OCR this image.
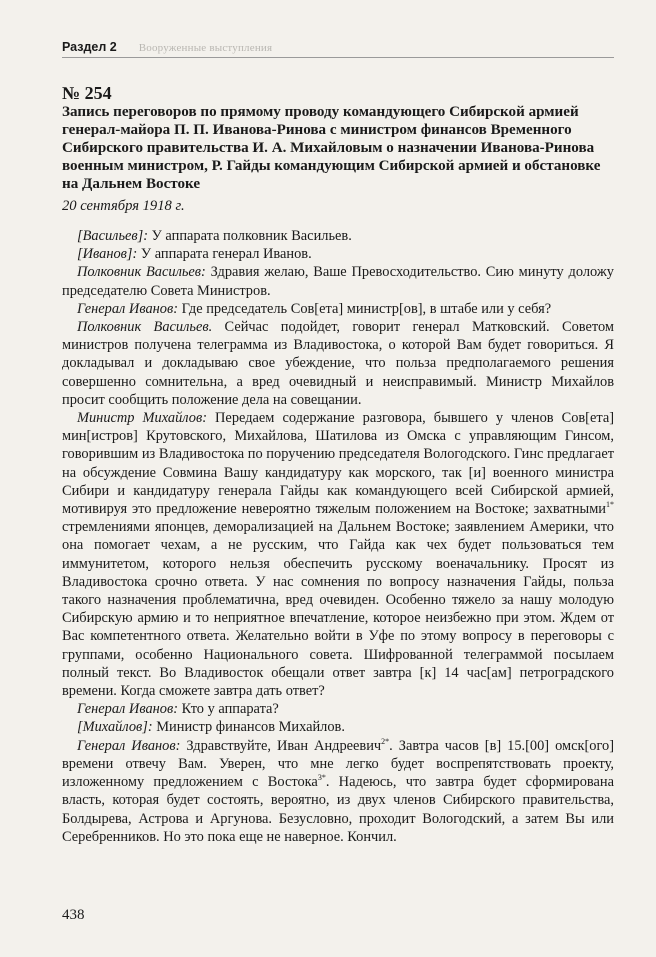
Раздел 2 Вооруженные выступления
№ 254
Запись переговоров по прямому проводу командующего Сибирской армией генерал-майора П. П. Иванова-Ринова с министром финансов Временного Сибирского правительства И. А. Михайловым о назначении Иванова-Ринова военным министром, Р. Гайды командующим Сибирской армией и обстановке на Дальнем Востоке
20 сентября 1918 г.

[Васильев]: У аппарата полковник Васильев.

[Иванов]: У аппарата генерал Иванов.

Полковник Васильев: Здравия желаю, Ваше Превосходительство. Сию минуту доложу председателю Совета Министров.

Генерал Иванов: Где председатель Сов[ета] министр[ов], в штабе или у себя?

Полковник Васильев. Сейчас подойдет, говорит генерал Матковский. Советом министров получена телеграмма из Владивостока, о которой Вам будет говориться. Я докладывал и докладываю свое убеждение, что польза предполагаемого решения совершенно сомнительна, а вред очевидный и неисправимый. Министр Михайлов просит сообщить положение дела на совещании.

Министр Михайлов: Передаем содержание разговора, бывшего у членов Сов[ета] мин[истров] Крутовского, Михайлова, Шатилова из Омска с управляющим Гинсом, говорившим из Владивостока по поручению председателя Вологодского. Гинс предлагает на обсуждение Совмина Вашу кандидатуру как морского, так [и] военного министра Сибири и кандидатуру генерала Гайды как командующего всей Сибирской армией, мотивируя это предложение невероятно тяжелым положением на Востоке; захватными$^{1*}$ стремлениями японцев, деморализацией на Дальнем Востоке; заявлением Америки, что она помогает чехам, а не русским, что Гайда как чех будет пользоваться тем иммунитетом, которого нельзя обеспечить русскому военачальнику. Просят из Владивостока срочно ответа. У нас сомнения по вопросу назначения Гайды, польза такого назначения проблематична, вред очевиден. Особенно тяжело за нашу молодую Сибирскую армию и то неприятное впечатление, которое неизбежно при этом. Ждем от Вас компетентного ответа. Желательно войти в Уфе по этому вопросу в переговоры с группами, особенно Национального совета. Шифрованной телеграммой посылаем полный текст. Во Владивосток обещали ответ завтра [к] 14 час[ам] петроградского времени. Когда сможете завтра дать ответ?

Генерал Иванов: Кто у аппарата?

[Михайлов]: Министр финансов Михайлов.

Генерал Иванов: Здравствуйте, Иван Андреевич$^{2*}$. Завтра часов [в] 15.[00] омск[ого] времени отвечу Вам. Уверен, что мне легко будет воспрепятствовать проекту, изложенному предложением с Востока$^{3*}$. Надеюсь, что завтра будет сформирована власть, которая будет состоять, вероятно, из двух членов Сибирского правительства, Болдырева, Астрова и Аргунова. Безусловно, проходит Вологодский, а затем Вы или Серебренников. Но это пока еще не наверное. Кончил.

438
